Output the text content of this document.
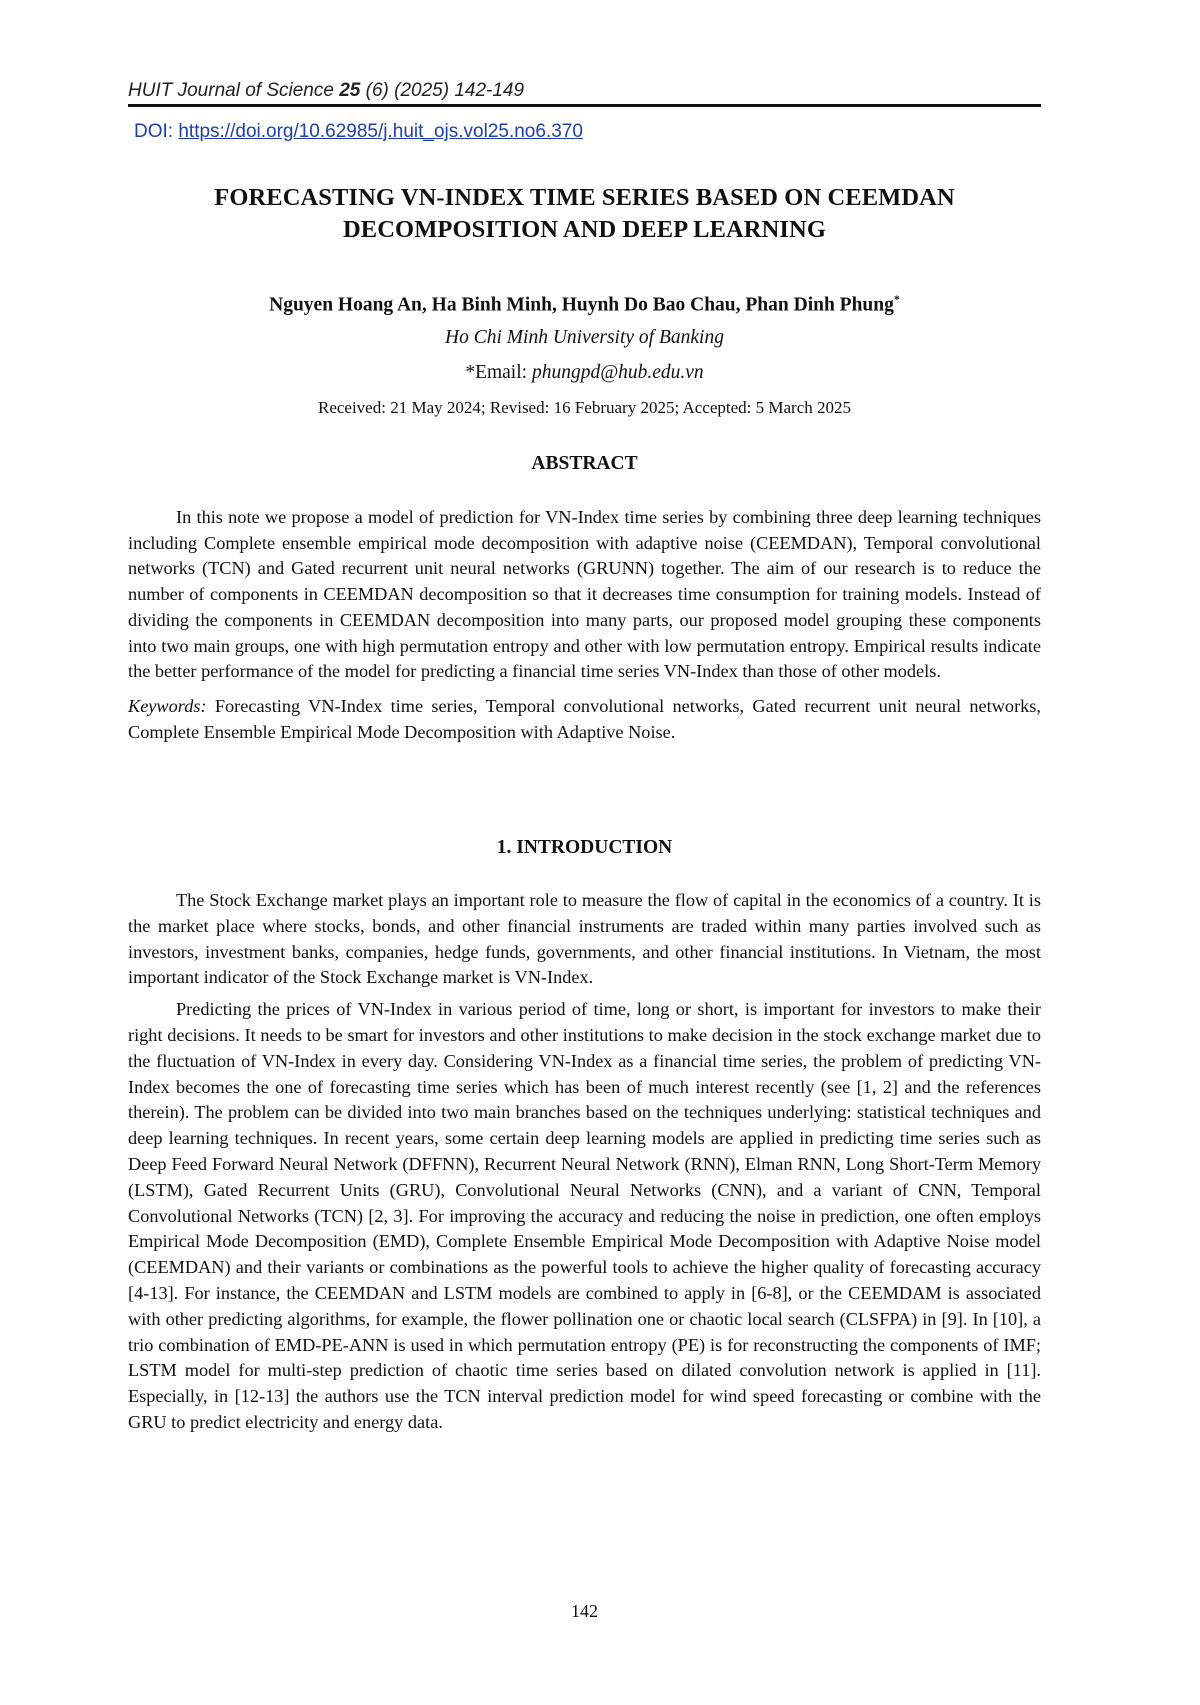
HUIT Journal of Science 25 (6) (2025) 142-149
DOI: https://doi.org/10.62985/j.huit_ojs.vol25.no6.370
FORECASTING VN-INDEX TIME SERIES BASED ON CEEMDAN
DECOMPOSITION AND DEEP LEARNING
Nguyen Hoang An, Ha Binh Minh, Huynh Do Bao Chau, Phan Dinh Phung*
Ho Chi Minh University of Banking
*Email: phungpd@hub.edu.vn
Received: 21 May 2024; Revised: 16 February 2025; Accepted: 5 March 2025
ABSTRACT

In this note we propose a model of prediction for VN-Index time series by combining three deep learning techniques including Complete ensemble empirical mode decomposition with adaptive noise (CEEMDAN), Temporal convolutional networks (TCN) and Gated recurrent unit neural networks (GRUNN) together. The aim of our research is to reduce the number of components in CEEMDAN decomposition so that it decreases time consumption for training models. Instead of dividing the components in CEEMDAN decomposition into many parts, our proposed model grouping these components into two main groups, one with high permutation entropy and other with low permutation entropy. Empirical results indicate the better performance of the model for predicting a financial time series VN-Index than those of other models.

Keywords: Forecasting VN-Index time series, Temporal convolutional networks, Gated recurrent unit neural networks, Complete Ensemble Empirical Mode Decomposition with Adaptive Noise.

1. INTRODUCTION

The Stock Exchange market plays an important role to measure the flow of capital in the economics of a country. It is the market place where stocks, bonds, and other financial instruments are traded within many parties involved such as investors, investment banks, companies, hedge funds, governments, and other financial institutions. In Vietnam, the most important indicator of the Stock Exchange market is VN-Index.

Predicting the prices of VN-Index in various period of time, long or short, is important for investors to make their right decisions. It needs to be smart for investors and other institutions to make decision in the stock exchange market due to the fluctuation of VN-Index in every day. Considering VN-Index as a financial time series, the problem of predicting VN-Index becomes the one of forecasting time series which has been of much interest recently (see [1, 2] and the references therein). The problem can be divided into two main branches based on the techniques underlying: statistical techniques and deep learning techniques. In recent years, some certain deep learning models are applied in predicting time series such as Deep Feed Forward Neural Network (DFFNN), Recurrent Neural Network (RNN), Elman RNN, Long Short-Term Memory (LSTM), Gated Recurrent Units (GRU), Convolutional Neural Networks (CNN), and a variant of CNN, Temporal Convolutional Networks (TCN) [2, 3]. For improving the accuracy and reducing the noise in prediction, one often employs Empirical Mode Decomposition (EMD), Complete Ensemble Empirical Mode Decomposition with Adaptive Noise model (CEEMDAN) and their variants or combinations as the powerful tools to achieve the higher quality of forecasting accuracy [4-13]. For instance, the CEEMDAN and LSTM models are combined to apply in [6-8], or the CEEMDAM is associated with other predicting algorithms, for example, the flower pollination one or chaotic local search (CLSFPA) in [9]. In [10], a trio combination of EMD-PE-ANN is used in which permutation entropy (PE) is for reconstructing the components of IMF; LSTM model for multi-step prediction of chaotic time series based on dilated convolution network is applied in [11]. Especially, in [12-13] the authors use the TCN interval prediction model for wind speed forecasting or combine with the GRU to predict electricity and energy data.

142
